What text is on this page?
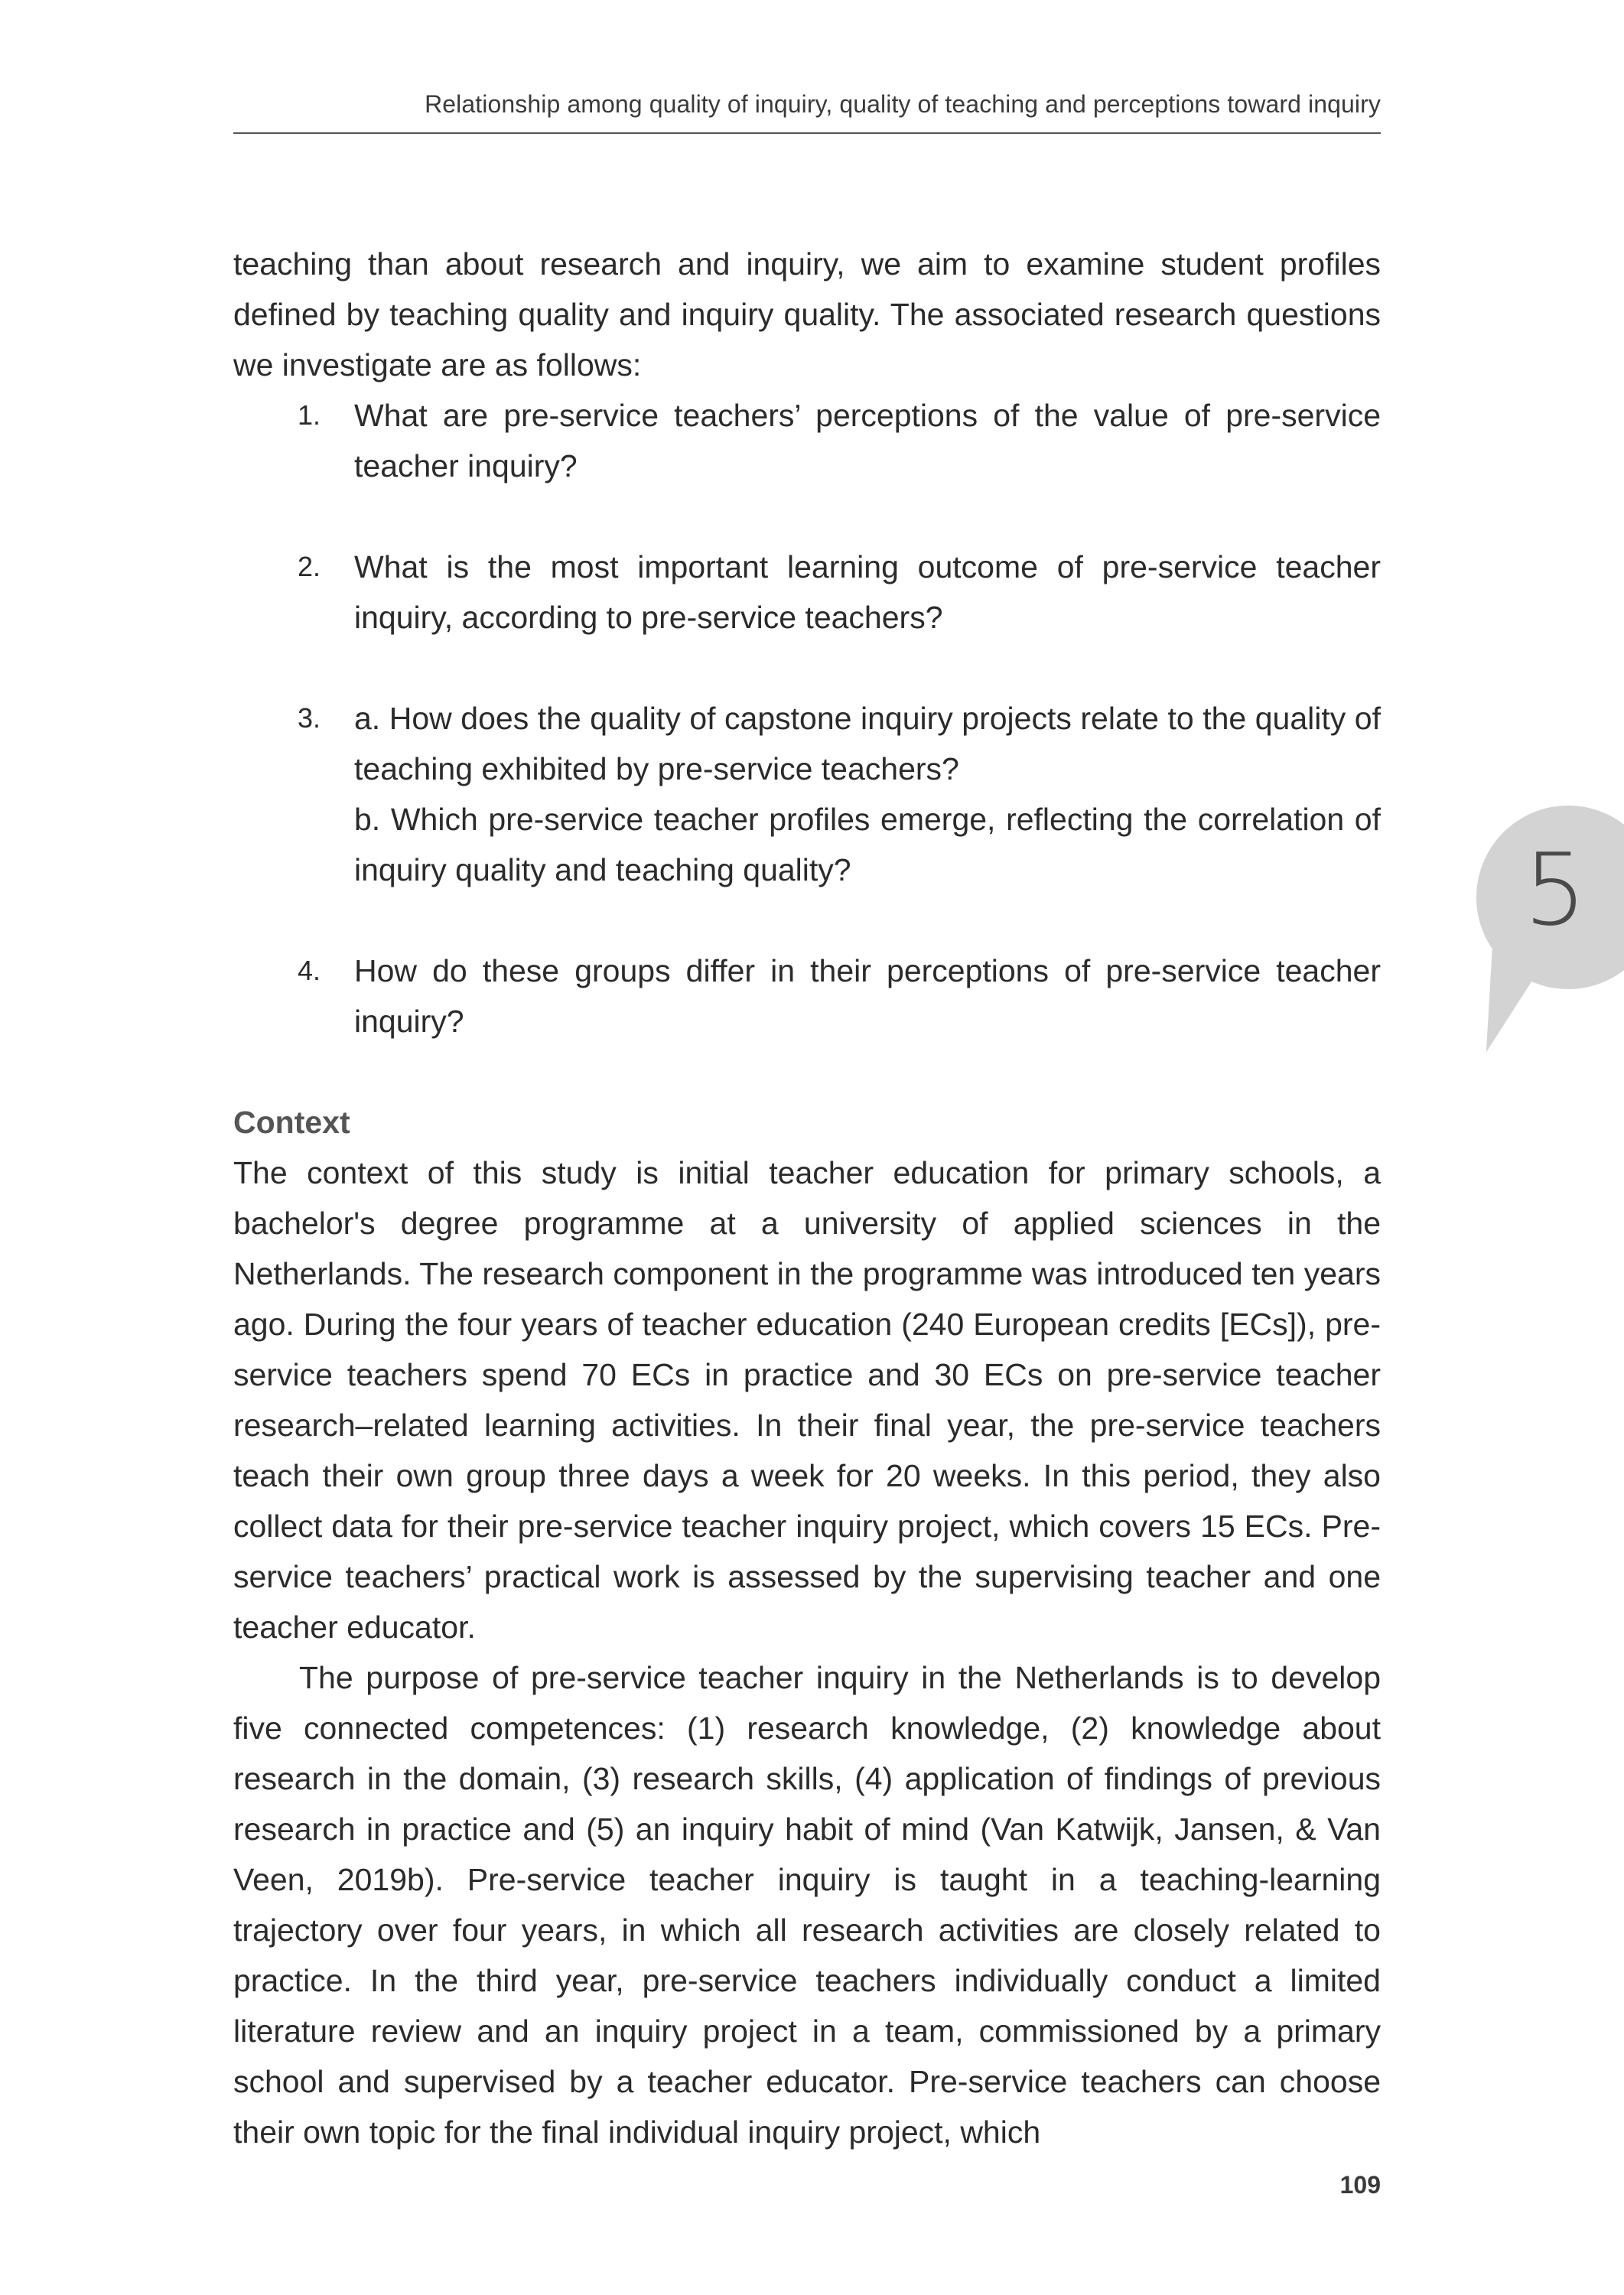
Relationship among quality of inquiry, quality of teaching and perceptions toward inquiry
5

teaching than about research and inquiry, we aim to examine student profiles defined by teaching quality and inquiry quality. The associated research questions we investigate are as follows:

1.	What are pre-service teachers’ perceptions of the value of pre-service teacher inquiry?
2.	What is the most important learning outcome of pre-service teacher inquiry, according to pre-service teachers?
3.	a. How does the quality of capstone inquiry projects relate to the quality of teaching exhibited by pre-service teachers?
b. Which pre-service teacher profiles emerge, reflecting the correlation of inquiry quality and teaching quality?
4.	How do these groups differ in their perceptions of pre-service teacher inquiry?
Context

The context of this study is initial teacher education for primary schools, a bachelor's degree programme at a university of applied sciences in the Netherlands. The research component in the programme was introduced ten years ago. During the four years of teacher education (240 European credits [ECs]), pre-service teachers spend 70 ECs in practice and 30 ECs on pre-service teacher research–related learning activities. In their final year, the pre-service teachers teach their own group three days a week for 20 weeks. In this period, they also collect data for their pre-service teacher inquiry project, which covers 15 ECs. Pre-service teachers’ practical work is assessed by the supervising teacher and one teacher educator.

The purpose of pre-service teacher inquiry in the Netherlands is to develop five connected competences: (1) research knowledge, (2) knowledge about research in the domain, (3) research skills, (4) application of findings of previous research in practice and (5) an inquiry habit of mind (Van Katwijk, Jansen, & Van Veen, 2019b). Pre-service teacher inquiry is taught in a teaching-learning trajectory over four years, in which all research activities are closely related to practice. In the third year, pre-service teachers individually conduct a limited literature review and an inquiry project in a team, commissioned by a primary school and supervised by a teacher educator. Pre-service teachers can choose their own topic for the final individual inquiry project, which

109
